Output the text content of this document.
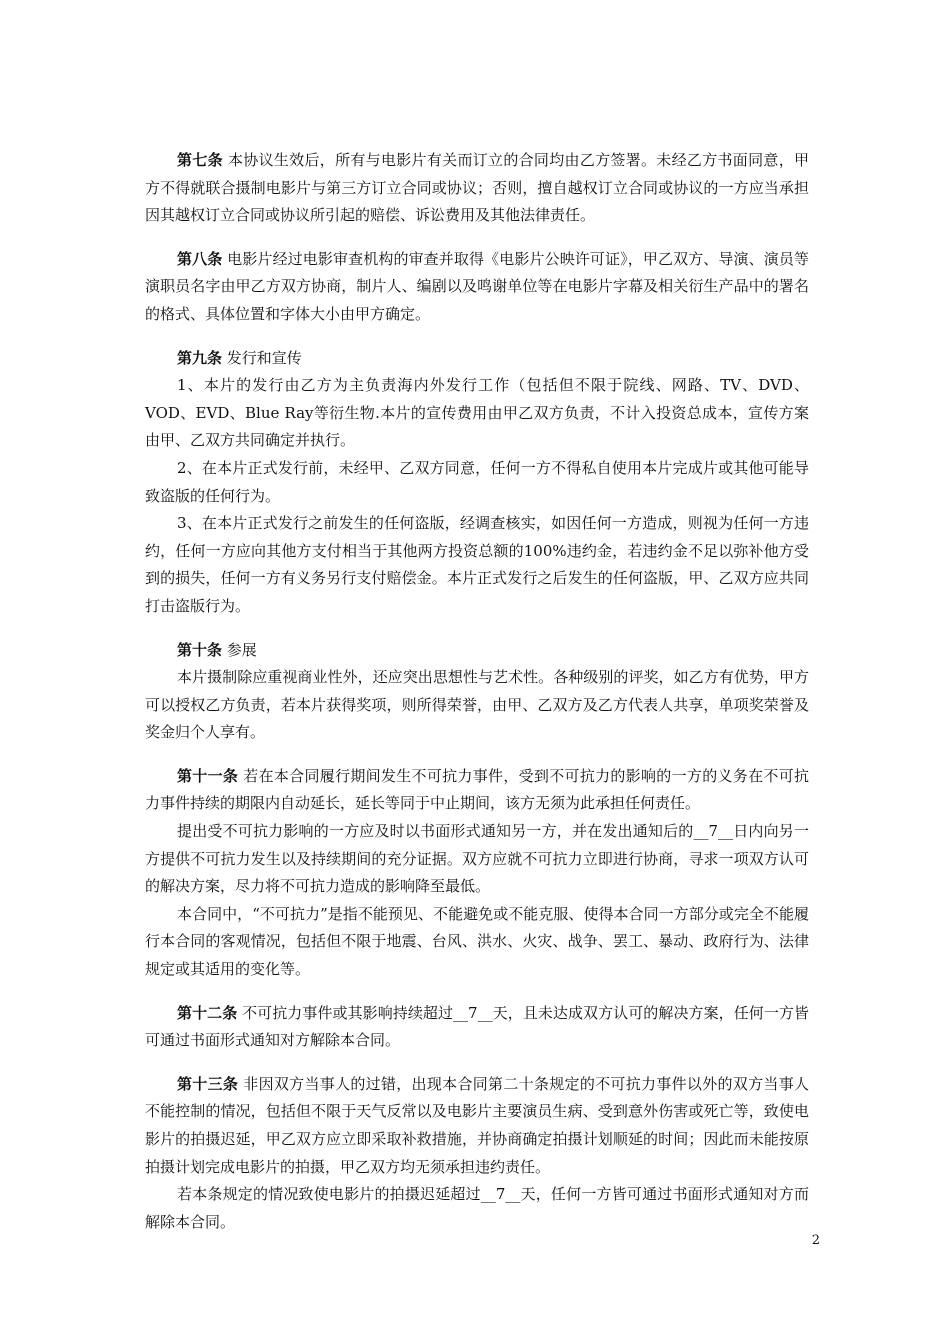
第七条 本协议生效后，所有与电影片有关而订立的合同均由乙方签署。未经乙方书面同意，甲方不得就联合摄制电影片与第三方订立合同或协议；否则，擅自越权订立合同或协议的一方应当承担因其越权订立合同或协议所引起的赔偿、诉讼费用及其他法律责任。

第八条 电影片经过电影审查机构的审查并取得《电影片公映许可证》，甲乙双方、导演、演员等演职员名字由甲乙方双方协商，制片人、编剧以及鸣谢单位等在电影片字幕及相关衍生产品中的署名的格式、具体位置和字体大小由甲方确定。

第九条 发行和宣传

1、本片的发行由乙方为主负责海内外发行工作（包括但不限于院线、网路、TV、DVD、VOD、EVD、Blue Ray等衍生物.本片的宣传费用由甲乙双方负责，不计入投资总成本，宣传方案由甲、乙双方共同确定并执行。

2、在本片正式发行前，未经甲、乙双方同意，任何一方不得私自使用本片完成片或其他可能导致盗版的任何行为。

3、在本片正式发行之前发生的任何盗版，经调查核实，如因任何一方造成，则视为任何一方违约，任何一方应向其他方支付相当于其他两方投资总额的100%违约金，若违约金不足以弥补他方受到的损失，任何一方有义务另行支付赔偿金。本片正式发行之后发生的任何盗版，甲、乙双方应共同打击盗版行为。

第十条 参展

本片摄制除应重视商业性外，还应突出思想性与艺术性。各种级别的评奖，如乙方有优势，甲方可以授权乙方负责，若本片获得奖项，则所得荣誉，由甲、乙双方及乙方代表人共享，单项奖荣誉及奖金归个人享有。

第十一条 若在本合同履行期间发生不可抗力事件，受到不可抗力的影响的一方的义务在不可抗力事件持续的期限内自动延长，延长等同于中止期间，该方无须为此承担任何责任。

提出受不可抗力影响的一方应及时以书面形式通知另一方，并在发出通知后的__7__日内向另一方提供不可抗力发生以及持续期间的充分证据。双方应就不可抗力立即进行协商，寻求一项双方认可的解决方案，尽力将不可抗力造成的影响降至最低。

本合同中，“不可抗力”是指不能预见、不能避免或不能克服、使得本合同一方部分或完全不能履行本合同的客观情况，包括但不限于地震、台风、洪水、火灾、战争、罢工、暴动、政府行为、法律规定或其适用的变化等。

第十二条 不可抗力事件或其影响持续超过__7__天，且未达成双方认可的解决方案，任何一方皆可通过书面形式通知对方解除本合同。

第十三条 非因双方当事人的过错，出现本合同第二十条规定的不可抗力事件以外的双方当事人不能控制的情况，包括但不限于天气反常以及电影片主要演员生病、受到意外伤害或死亡等，致使电影片的拍摄迟延，甲乙双方应立即采取补救措施，并协商确定拍摄计划顺延的时间；因此而未能按原拍摄计划完成电影片的拍摄，甲乙双方均无须承担违约责任。

若本条规定的情况致使电影片的拍摄迟延超过__7__天，任何一方皆可通过书面形式通知对方而解除本合同。

2
